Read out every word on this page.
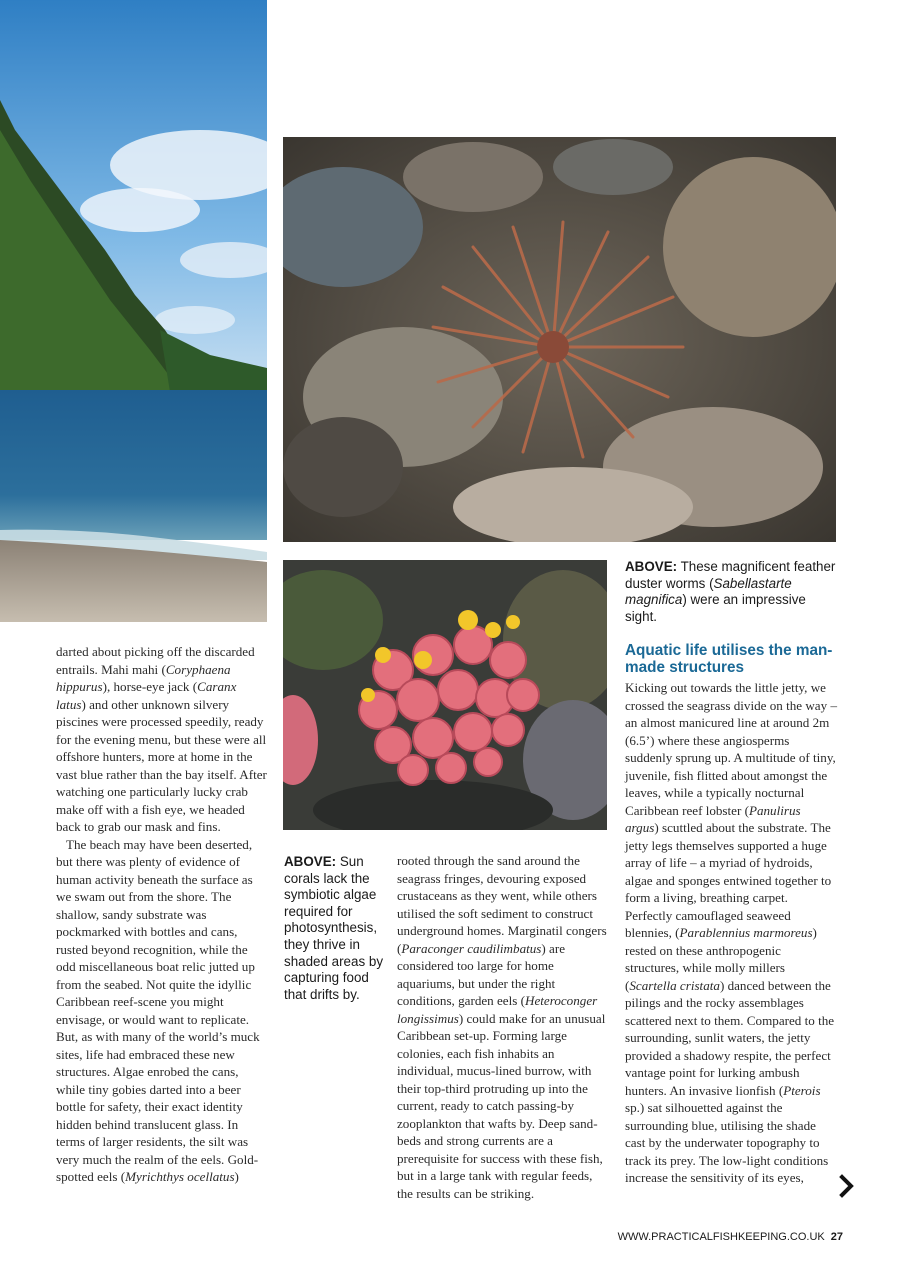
darted about picking off the discarded entrails. Mahi mahi (Coryphaena hippurus), horse-eye jack (Caranx latus) and other unknown silvery piscines were processed speedily, ready for the evening menu, but these were all offshore hunters, more at home in the vast blue rather than the bay itself. After watching one particularly lucky crab make off with a fish eye, we headed back to grab our mask and fins.

The beach may have been deserted, but there was plenty of evidence of human activity beneath the surface as we swam out from the shore. The shallow, sandy substrate was pockmarked with bottles and cans, rusted beyond recognition, while the odd miscellaneous boat relic jutted up from the seabed. Not quite the idyllic Caribbean reef-scene you might envisage, or would want to replicate. But, as with many of the world’s muck sites, life had embraced these new structures. Algae enrobed the cans, while tiny gobies darted into a beer bottle for safety, their exact identity hidden behind translucent glass. In terms of larger residents, the silt was very much the realm of the eels. Gold-spotted eels (Myrichthys ocellatus)

ABOVE: Sun corals lack the symbiotic algae required for photosynthesis, they thrive in shaded areas by capturing food that drifts by.

rooted through the sand around the seagrass fringes, devouring exposed crustaceans as they went, while others utilised the soft sediment to construct underground homes. Marginatil congers (Paraconger caudilimbatus) are considered too large for home aquariums, but under the right conditions, garden eels (Heteroconger longissimus) could make for an unusual Caribbean set-up. Forming large colonies, each fish inhabits an individual, mucus-lined burrow, with their top-third protruding up into the current, ready to catch passing-by zooplankton that wafts by. Deep sand-beds and strong currents are a prerequisite for success with these fish, but in a large tank with regular feeds, the results can be striking.

ABOVE: These magnificent feather duster worms (Sabellastarte magnifica) were an impressive sight.
Aquatic life utilises the man-made structures

Kicking out towards the little jetty, we crossed the seagrass divide on the way – an almost manicured line at around 2m (6.5’) where these angiosperms suddenly sprung up. A multitude of tiny, juvenile, fish flitted about amongst the leaves, while a typically nocturnal Caribbean reef lobster (Panulirus argus) scuttled about the substrate. The jetty legs themselves supported a huge array of life – a myriad of hydroids, algae and sponges entwined together to form a living, breathing carpet. Perfectly camouflaged seaweed blennies, (Parablennius marmoreus) rested on these anthropogenic structures, while molly millers (Scartella cristata) danced between the pilings and the rocky assemblages scattered next to them. Compared to the surrounding, sunlit waters, the jetty provided a shadowy respite, the perfect vantage point for lurking ambush hunters. An invasive lionfish (Pterois sp.) sat silhouetted against the surrounding blue, utilising the shade cast by the underwater topography to track its prey. The low-light conditions increase the sensitivity of its eyes,

WWW.PRACTICALFISHKEEPING.CO.UK 27
